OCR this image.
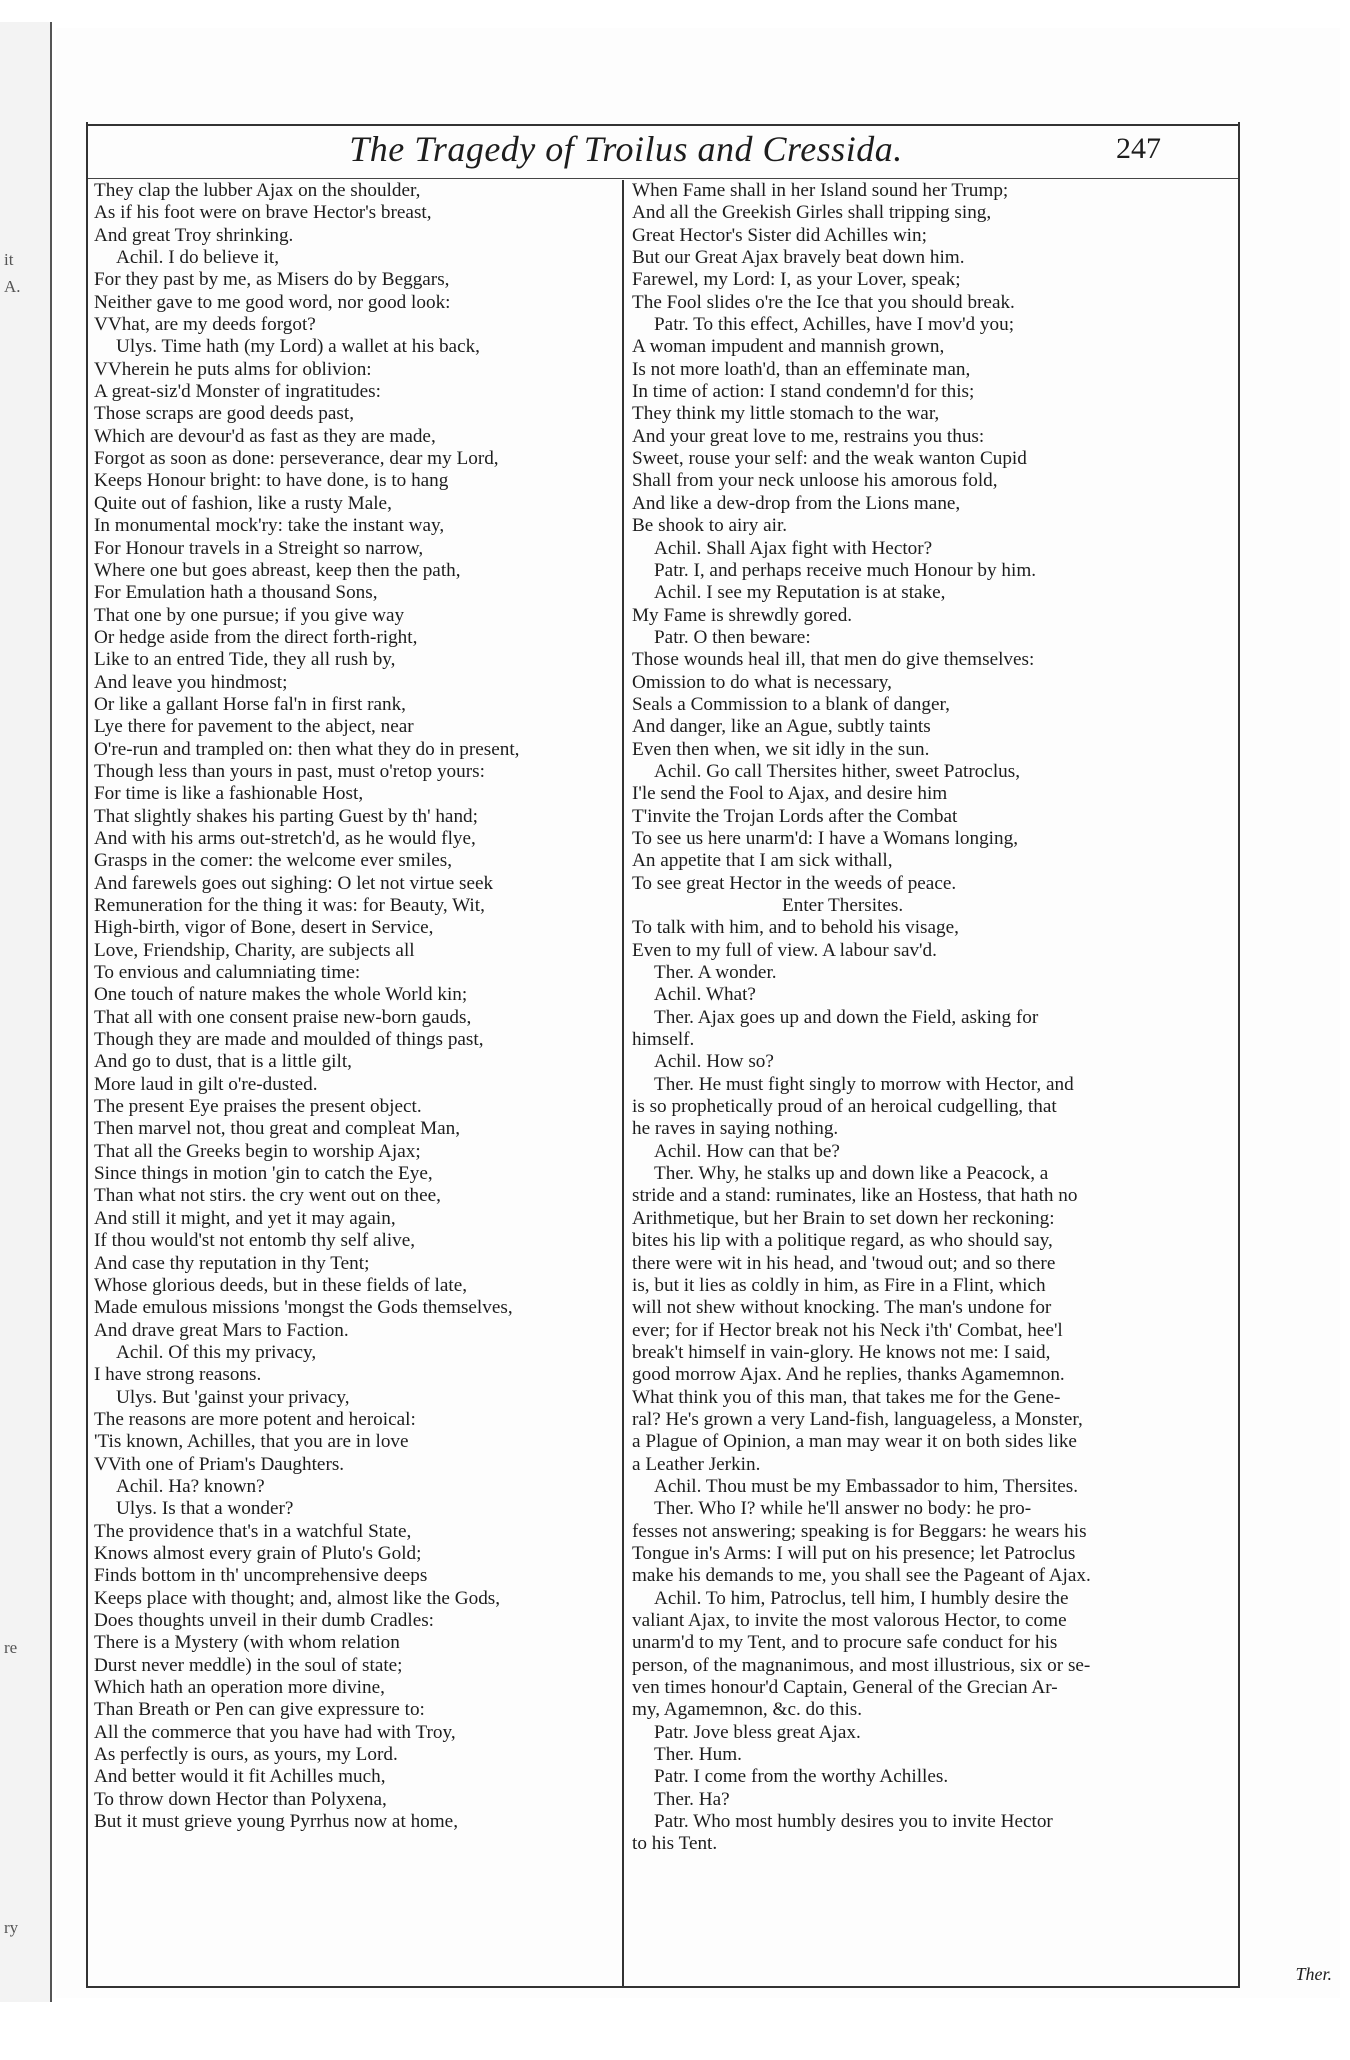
it
A.
re
ry
The Tragedy of Troilus and Cressida.	247
They clap the lubber Ajax on the shoulder,
As if his foot were on brave Hector's breast,
And great Troy shrinking.
Achil. I do believe it,
For they past by me, as Misers do by Beggars,
Neither gave to me good word, nor good look:
VVhat, are my deeds forgot?
Ulys. Time hath (my Lord) a wallet at his back,
VVherein he puts alms for oblivion:
A great-siz'd Monster of ingratitudes:
Those scraps are good deeds past,
Which are devour'd as fast as they are made,
Forgot as soon as done: perseverance, dear my Lord,
Keeps Honour bright: to have done, is to hang
Quite out of fashion, like a rusty Male,
In monumental mock'ry: take the instant way,
For Honour travels in a Streight so narrow,
Where one but goes abreast, keep then the path,
For Emulation hath a thousand Sons,
That one by one pursue; if you give way
Or hedge aside from the direct forth-right,
Like to an entred Tide, they all rush by,
And leave you hindmost;
Or like a gallant Horse fal'n in first rank,
Lye there for pavement to the abject, near
O're-run and trampled on: then what they do in present,
Though less than yours in past, must o'retop yours:
For time is like a fashionable Host,
That slightly shakes his parting Guest by th' hand;
And with his arms out-stretch'd, as he would flye,
Grasps in the comer: the welcome ever smiles,
And farewels goes out sighing: O let not virtue seek
Remuneration for the thing it was: for Beauty, Wit,
High-birth, vigor of Bone, desert in Service,
Love, Friendship, Charity, are subjects all
To envious and calumniating time:
One touch of nature makes the whole World kin;
That all with one consent praise new-born gauds,
Though they are made and moulded of things past,
And go to dust, that is a little gilt,
More laud in gilt o're-dusted.
The present Eye praises the present object.
Then marvel not, thou great and compleat Man,
That all the Greeks begin to worship Ajax;
Since things in motion 'gin to catch the Eye,
Than what not stirs. the cry went out on thee,
And still it might, and yet it may again,
If thou would'st not entomb thy self alive,
And case thy reputation in thy Tent;
Whose glorious deeds, but in these fields of late,
Made emulous missions 'mongst the Gods themselves,
And drave great Mars to Faction.
Achil. Of this my privacy,
I have strong reasons.
Ulys. But 'gainst your privacy,
The reasons are more potent and heroical:
'Tis known, Achilles, that you are in love
VVith one of Priam's Daughters.
Achil. Ha? known?
Ulys. Is that a wonder?
The providence that's in a watchful State,
Knows almost every grain of Pluto's Gold;
Finds bottom in th' uncomprehensive deeps
Keeps place with thought; and, almost like the Gods,
Does thoughts unveil in their dumb Cradles:
There is a Mystery (with whom relation
Durst never meddle) in the soul of state;
Which hath an operation more divine,
Than Breath or Pen can give expressure to:
All the commerce that you have had with Troy,
As perfectly is ours, as yours, my Lord.
And better would it fit Achilles much,
To throw down Hector than Polyxena,
But it must grieve young Pyrrhus now at home,
When Fame shall in her Island sound her Trump;
And all the Greekish Girles shall tripping sing,
Great Hector's Sister did Achilles win;
But our Great Ajax bravely beat down him.
Farewel, my Lord: I, as your Lover, speak;
The Fool slides o're the Ice that you should break.
Patr. To this effect, Achilles, have I mov'd you;
A woman impudent and mannish grown,
Is not more loath'd, than an effeminate man,
In time of action: I stand condemn'd for this;
They think my little stomach to the war,
And your great love to me, restrains you thus:
Sweet, rouse your self: and the weak wanton Cupid
Shall from your neck unloose his amorous fold,
And like a dew-drop from the Lions mane,
Be shook to airy air.
Achil. Shall Ajax fight with Hector?
Patr. I, and perhaps receive much Honour by him.
Achil. I see my Reputation is at stake,
My Fame is shrewdly gored.
Patr. O then beware:
Those wounds heal ill, that men do give themselves:
Omission to do what is necessary,
Seals a Commission to a blank of danger,
And danger, like an Ague, subtly taints
Even then when, we sit idly in the sun.
Achil. Go call Thersites hither, sweet Patroclus,
I'le send the Fool to Ajax, and desire him
T'invite the Trojan Lords after the Combat
To see us here unarm'd: I have a Womans longing,
An appetite that I am sick withall,
To see great Hector in the weeds of peace.
Enter Thersites.
To talk with him, and to behold his visage,
Even to my full of view. A labour sav'd.
Ther. A wonder.
Achil. What?
Ther. Ajax goes up and down the Field, asking for
himself.
Achil. How so?
Ther. He must fight singly to morrow with Hector, and
is so prophetically proud of an heroical cudgelling, that
he raves in saying nothing.
Achil. How can that be?
Ther. Why, he stalks up and down like a Peacock, a
stride and a stand: ruminates, like an Hostess, that hath no
Arithmetique, but her Brain to set down her reckoning:
bites his lip with a politique regard, as who should say,
there were wit in his head, and 'twoud out; and so there
is, but it lies as coldly in him, as Fire in a Flint, which
will not shew without knocking. The man's undone for
ever; for if Hector break not his Neck i'th' Combat, hee'l
break't himself in vain-glory. He knows not me: I said,
good morrow Ajax. And he replies, thanks Agamemnon.
What think you of this man, that takes me for the Gene-
ral? He's grown a very Land-fish, languageless, a Monster,
a Plague of Opinion, a man may wear it on both sides like
a Leather Jerkin.
Achil. Thou must be my Embassador to him, Thersites.
Ther. Who I? while he'll answer no body: he pro-
fesses not answering; speaking is for Beggars: he wears his
Tongue in's Arms: I will put on his presence; let Patroclus
make his demands to me, you shall see the Pageant of Ajax.
Achil. To him, Patroclus, tell him, I humbly desire the
valiant Ajax, to invite the most valorous Hector, to come
unarm'd to my Tent, and to procure safe conduct for his
person, of the magnanimous, and most illustrious, six or se-
ven times honour'd Captain, General of the Grecian Ar-
my, Agamemnon, &c. do this.
Patr. Jove bless great Ajax.
Ther. Hum.
Patr. I come from the worthy Achilles.
Ther. Ha?
Patr. Who most humbly desires you to invite Hector
to his Tent.
Ther.
